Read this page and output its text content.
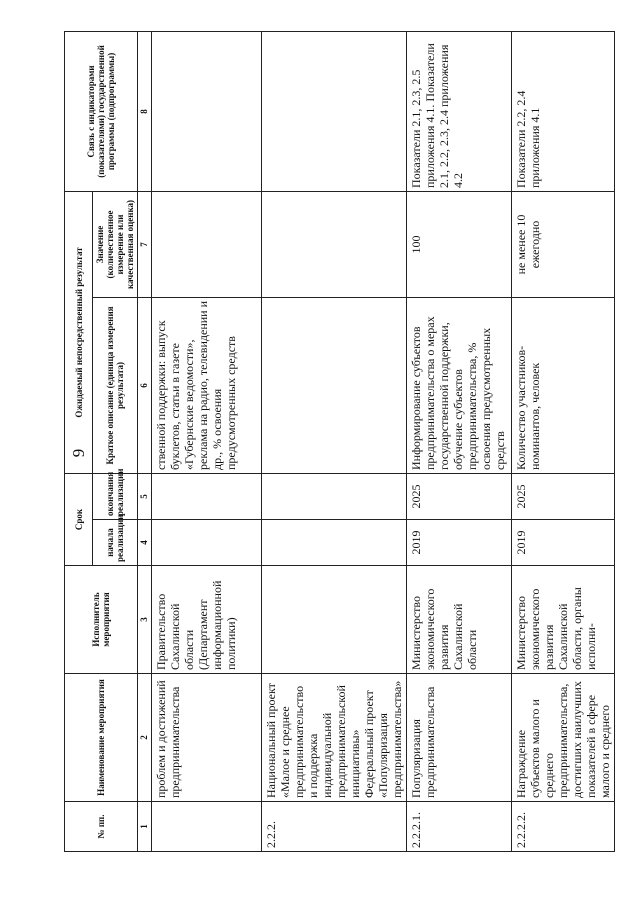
9
№ пп.	Наименование мероприятия	Исполнитель мероприятия	Срок		Ожидаемый непосредственный результат		Связь с индикаторами (показателями) государственной программы (подпрограммы)
			начала реализации	окончания реализации	Краткое описание (единица измерения результата)	Значение (количественное измерение или качественная оценка)	
1	2	3	4	5	6	7	8
	проблем и достижений предпринимательства	Правительство Сахалинской области (Департамент информационной политики)			ственной поддержки: выпуск буклетов, статьи в газете «Губернские ведомости», реклама на радио, телевидении и др., % освоения предусмотренных средств		
2.2.2.	Национальный проект «Малое и среднее предпринимательство и поддержка индивидуальной предпринимательской инициативы» Федеральный проект «Популяризация предпринимательства»						
2.2.2.1.	Популяризация предпринимательства	Министерство экономического развития Сахалинской области	2019	2025	Информирование субъектов предпринимательства о мерах государственной поддержки, обучение субъектов предпринимательства, % освоения предусмотренных средств	100	Показатели 2.1, 2.3, 2.5 приложения 4.1. Показатели 2.1, 2.2, 2.3, 2.4 приложения 4.2
2.2.2.2.	Награждение субъектов малого и среднего предпринимательства, достигших наилучших показателей в сфере малого и среднего	Министерство экономического развития Сахалинской области, органы исполни-	2019	2025	Количество участников-номинантов, человек	не менее 10 ежегодно	Показатели 2.2, 2.4 приложения 4.1
